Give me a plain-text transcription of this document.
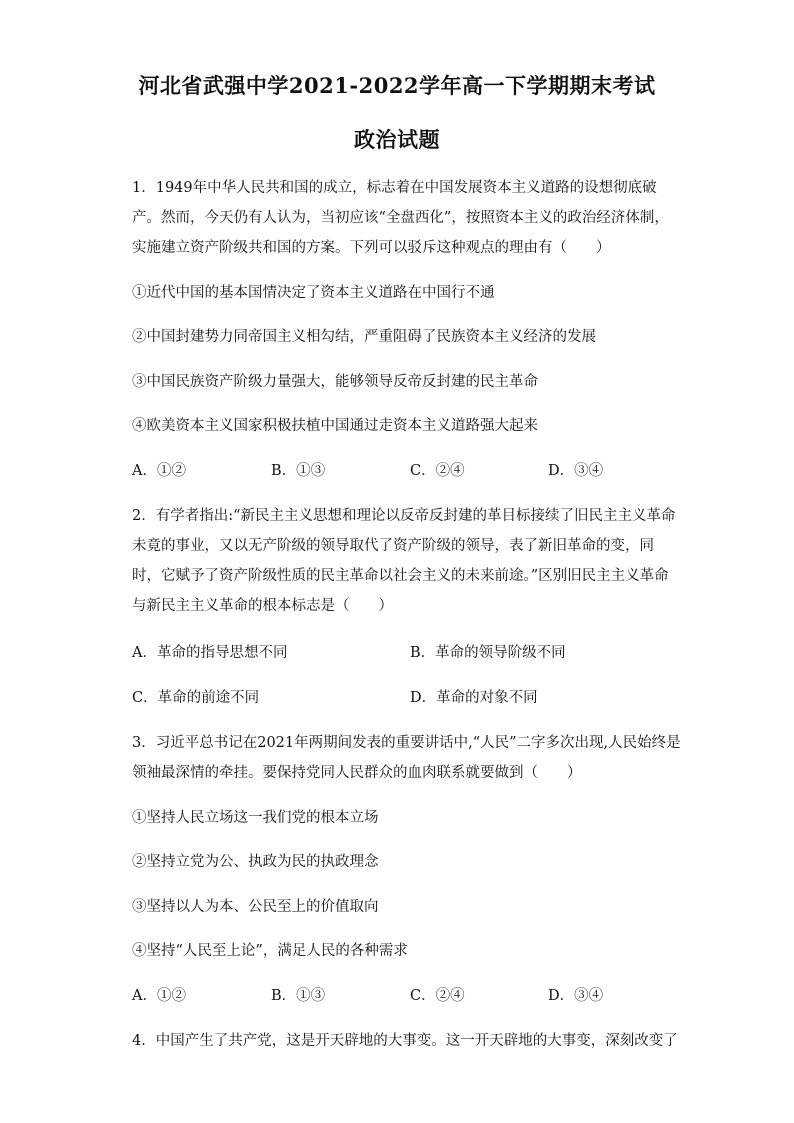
河北省武强中学2021-2022学年高一下学期期末考试
政治试题
1．1949年中华人民共和国的成立，标志着在中国发展资本主义道路的设想彻底破
产。然而，今天仍有人认为，当初应该“全盘西化”，按照资本主义的政治经济体制，
实施建立资产阶级共和国的方案。下列可以驳斥这种观点的理由有（　　）
①近代中国的基本国情决定了资本主义道路在中国行不通
②中国封建势力同帝国主义相勾结，严重阻碍了民族资本主义经济的发展
③中国民族资产阶级力量强大，能够领导反帝反封建的民主革命
④欧美资本主义国家积极扶植中国通过走资本主义道路强大起来
A．①②	B．①③	C．②④	D．③④
2．有学者指出:“新民主主义思想和理论以反帝反封建的革目标接续了旧民主主义革命
未竟的事业，又以无产阶级的领导取代了资产阶级的领导，表了新旧革命的变，同
时，它赋予了资产阶级性质的民主革命以社会主义的未来前途。”区别旧民主主义革命
与新民主主义革命的根本标志是（　　）
A．革命的指导思想不同	B．革命的领导阶级不同
C．革命的前途不同	D．革命的对象不同
3．习近平总书记在2021年两期间发表的重要讲话中,“人民”二字多次出现,人民始终是
领袖最深情的牵挂。要保持党同人民群众的血肉联系就要做到（　　）
①坚持人民立场这一我们党的根本立场
②坚持立党为公、执政为民的执政理念
③坚持以人为本、公民至上的价值取向
④坚持“人民至上论”，满足人民的各种需求
A．①②	B．①③	C．②④	D．③④
4．中国产生了共产党，这是开天辟地的大事变。这一开天辟地的大事变，深刻改变了
